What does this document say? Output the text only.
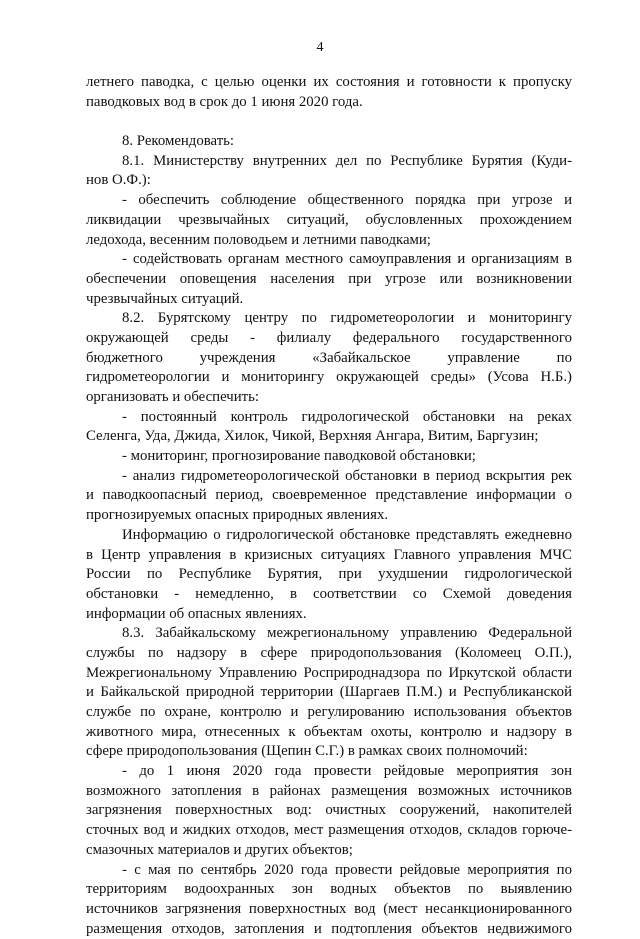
4
летнего паводка, с целью оценки их состояния и готовности к пропуску
паводковых вод в срок до 1 июня 2020 года.
8. Рекомендовать:
8.1. Министерству внутренних дел по Республике Бурятия (Куди-
нов О.Ф.):
- обеспечить соблюдение общественного порядка при угрозе и
ликвидации чрезвычайных ситуаций, обусловленных прохождением
ледохода, весенним половодьем и летними паводками;
- содействовать органам местного самоуправления и организациям в
обеспечении оповещения населения при угрозе или возникновении
чрезвычайных ситуаций.
8.2. Бурятскому центру по гидрометеорологии и мониторингу
окружающей среды - филиалу федерального государственного
бюджетного учреждения «Забайкальское управление по
гидрометеорологии и мониторингу окружающей среды» (Усова Н.Б.)
организовать и обеспечить:
- постоянный контроль гидрологической обстановки на реках
Селенга, Уда, Джида, Хилок, Чикой, Верхняя Ангара, Витим, Баргузин;
- мониторинг, прогнозирование паводковой обстановки;
- анализ гидрометеорологической обстановки в период вскрытия рек
и паводкоопасный период, своевременное представление информации о
прогнозируемых опасных природных явлениях.
Информацию о гидрологической обстановке представлять ежедневно
в Центр управления в кризисных ситуациях Главного управления МЧС
России по Республике Бурятия, при ухудшении гидрологической
обстановки - немедленно, в соответствии со Схемой доведения
информации об опасных явлениях.
8.3. Забайкальскому межрегиональному управлению Федеральной
службы по надзору в сфере природопользования (Коломеец О.П.),
Межрегиональному Управлению Росприроднадзора по Иркутской области
и Байкальской природной территории (Шаргаев П.М.) и Республиканской
службе по охране, контролю и регулированию использования объектов
животного мира, отнесенных к объектам охоты, контролю и надзору в
сфере природопользования (Щепин С.Г.) в рамках своих полномочий:
- до 1 июня 2020 года провести рейдовые мероприятия зон
возможного затопления в районах размещения возможных источников
загрязнения поверхностных вод: очистных сооружений, накопителей
сточных вод и жидких отходов, мест размещения отходов, складов горюче-
смазочных материалов и других объектов;
- с мая по сентябрь 2020 года провести рейдовые мероприятия по
территориям водоохранных зон водных объектов по выявлению
источников загрязнения поверхностных вод (мест несанкционированного
размещения отходов, затопления и подтопления объектов недвижимого
